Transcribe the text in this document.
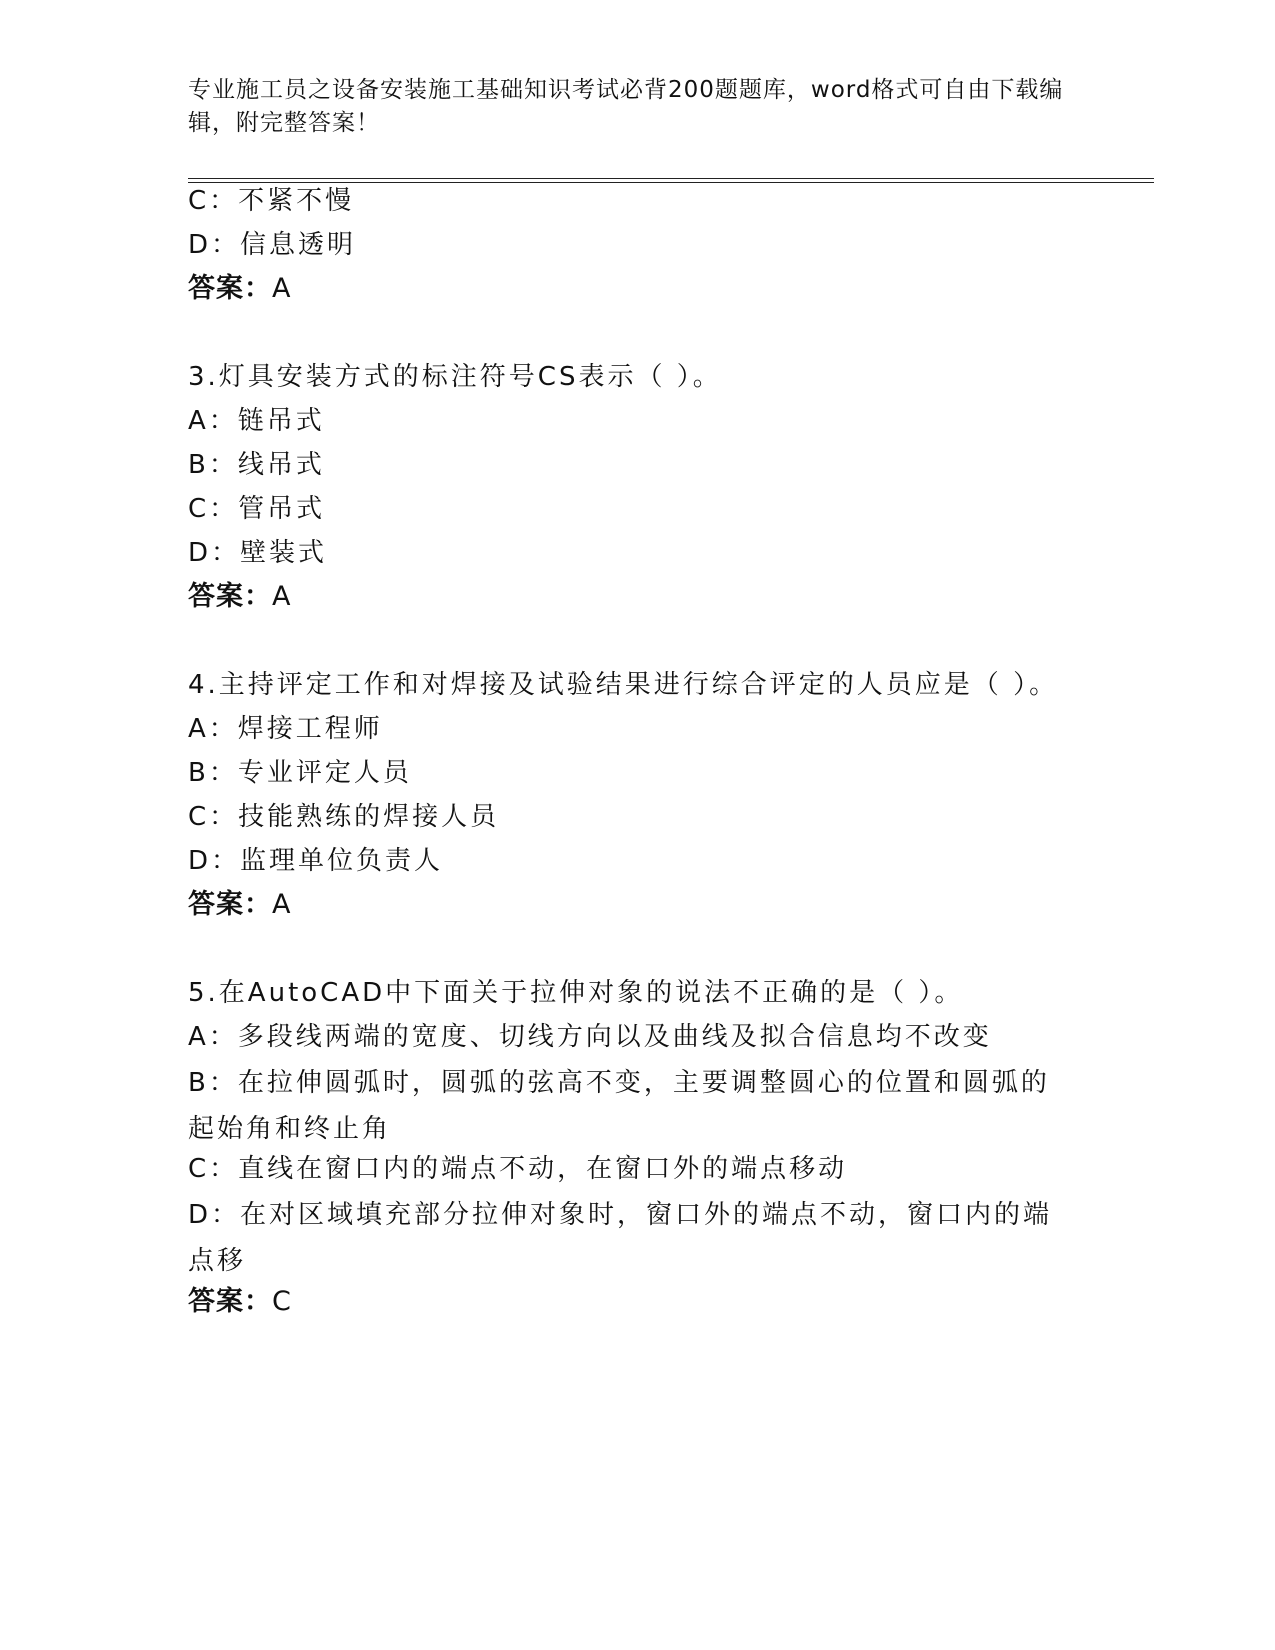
专业施工员之设备安装施工基础知识考试必背200题题库，word格式可自由下载编辑，附完整答案！
C：不紧不慢
D：信息透明
答案：A
3.灯具安装方式的标注符号CS表示（ ）。
A：链吊式
B：线吊式
C：管吊式
D：壁装式
答案：A
4.主持评定工作和对焊接及试验结果进行综合评定的人员应是（ ）。
A：焊接工程师
B：专业评定人员
C：技能熟练的焊接人员
D：监理单位负责人
答案：A
5.在AutoCAD中下面关于拉伸对象的说法不正确的是（ ）。
A：多段线两端的宽度、切线方向以及曲线及拟合信息均不改变
B：在拉伸圆弧时，圆弧的弦高不变，主要调整圆心的位置和圆弧的起始角和终止角
C：直线在窗口内的端点不动，在窗口外的端点移动
D：在对区域填充部分拉伸对象时，窗口外的端点不动，窗口内的端点移
答案：C
